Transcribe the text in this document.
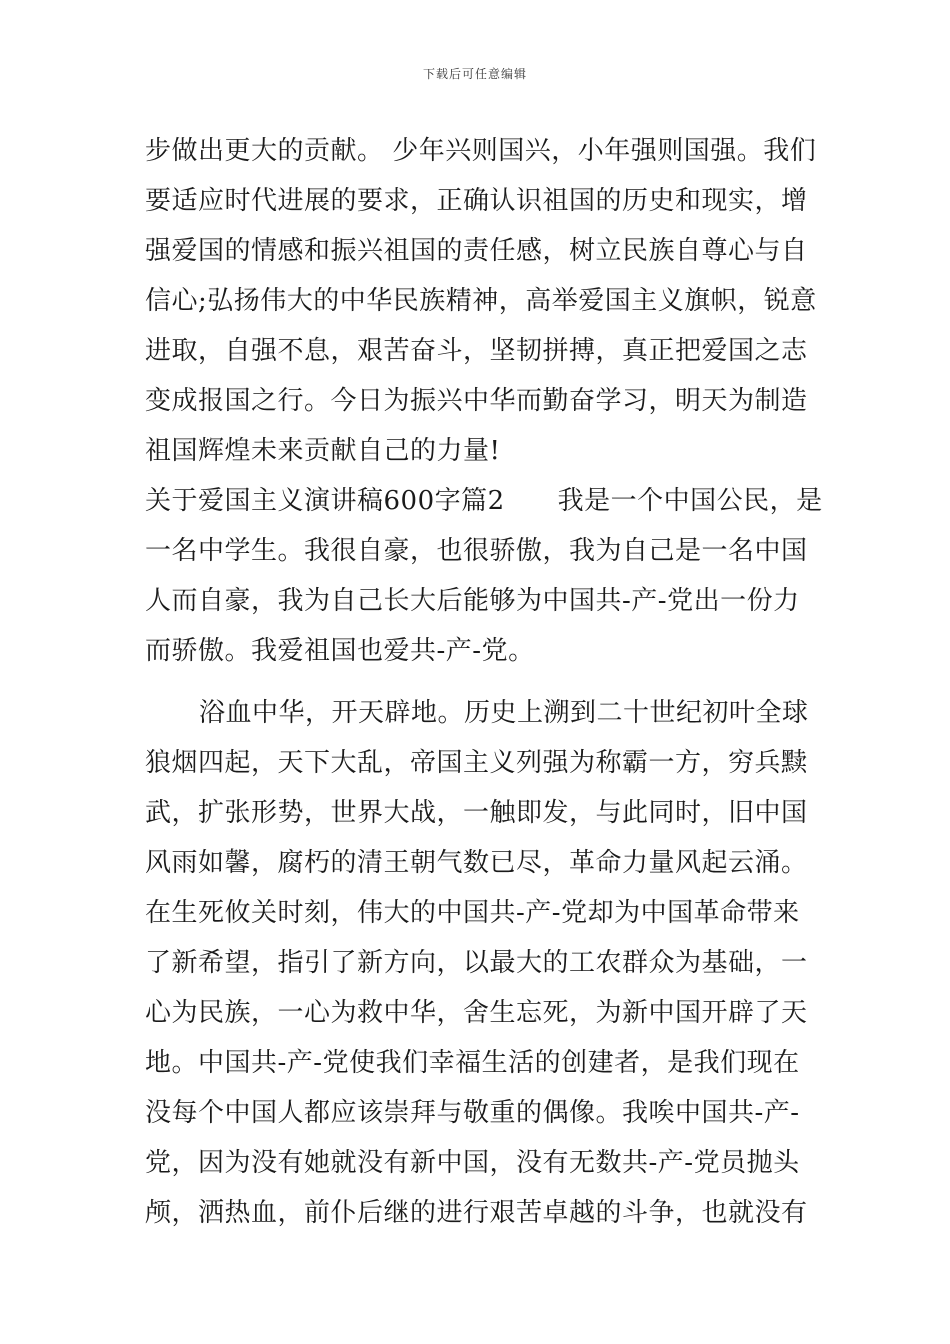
下载后可任意编辑
步做出更大的贡献。 少年兴则国兴，小年强则国强。我们
要适应时代进展的要求，正确认识祖国的历史和现实，增
强爱国的情感和振兴祖国的责任感，树立民族自尊心与自
信心;弘扬伟大的中华民族精神，高举爱国主义旗帜，锐意
进取，自强不息，艰苦奋斗，坚韧拼搏，真正把爱国之志
变成报国之行。今日为振兴中华而勤奋学习，明天为制造
祖国辉煌未来贡献自己的力量!
关于爱国主义演讲稿600字篇2　　我是一个中国公民，是
一名中学生。我很自豪，也很骄傲，我为自己是一名中国
人而自豪，我为自己长大后能够为中国共-产-党出一份力
而骄傲。我爱祖国也爱共-产-党。
浴血中华，开天辟地。历史上溯到二十世纪初叶全球
狼烟四起，天下大乱，帝国主义列强为称霸一方，穷兵黩
武，扩张形势，世界大战，一触即发，与此同时，旧中国
风雨如馨，腐朽的清王朝气数已尽，革命力量风起云涌。
在生死攸关时刻，伟大的中国共-产-党却为中国革命带来
了新希望，指引了新方向，以最大的工农群众为基础，一
心为民族，一心为救中华，舍生忘死，为新中国开辟了天
地。中国共-产-党使我们幸福生活的创建者，是我们现在
没每个中国人都应该崇拜与敬重的偶像。我唉中国共-产-
党，因为没有她就没有新中国，没有无数共-产-党员抛头
颅，洒热血，前仆后继的进行艰苦卓越的斗争，也就没有
